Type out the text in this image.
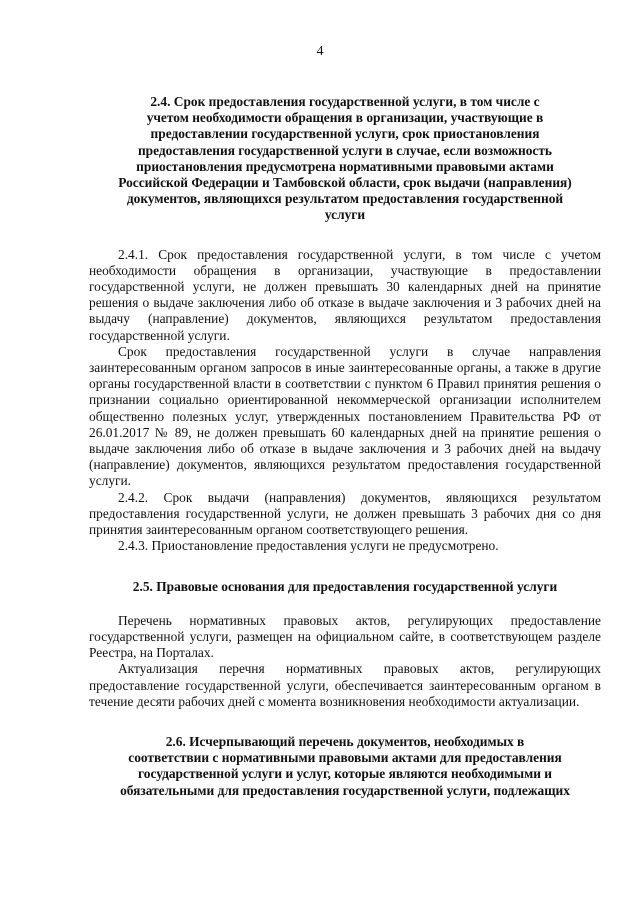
4
2.4. Срок предоставления государственной услуги, в том числе с
учетом необходимости обращения в организации, участвующие в
предоставлении государственной услуги, срок приостановления
предоставления государственной услуги в случае, если возможность
приостановления предусмотрена нормативными правовыми актами
Российской Федерации и Тамбовской области, срок выдачи (направления)
документов, являющихся результатом предоставления государственной
услуги

2.4.1. Срок предоставления государственной услуги, в том числе с учетом необходимости обращения в организации, участвующие в предоставлении государственной услуги, не должен превышать 30 календарных дней на принятие решения о выдаче заключения либо об отказе в выдаче заключения и 3 рабочих дней на выдачу (направление) документов, являющихся результатом предоставления государственной услуги.

Срок предоставления государственной услуги в случае направления заинтересованным органом запросов в иные заинтересованные органы, а также в другие органы государственной власти в соответствии с пунктом 6 Правил принятия решения о признании социально ориентированной некоммерческой организации исполнителем общественно полезных услуг, утвержденных постановлением Правительства РФ от 26.01.2017 № 89, не должен превышать 60 календарных дней на принятие решения о выдаче заключения либо об отказе в выдаче заключения и 3 рабочих дней на выдачу (направление) документов, являющихся результатом предоставления государственной услуги.

2.4.2. Срок выдачи (направления) документов, являющихся результатом предоставления государственной услуги, не должен превышать 3 рабочих дня со дня принятия заинтересованным органом соответствующего решения.

2.4.3. Приостановление предоставления услуги не предусмотрено.

2.5. Правовые основания для предоставления государственной услуги

Перечень нормативных правовых актов, регулирующих предоставление государственной услуги, размещен на официальном сайте, в соответствующем разделе Реестра, на Порталах.

Актуализация перечня нормативных правовых актов, регулирующих предоставление государственной услуги, обеспечивается заинтересованным органом в течение десяти рабочих дней с момента возникновения необходимости актуализации.

2.6. Исчерпывающий перечень документов, необходимых в
соответствии с нормативными правовыми актами для предоставления
государственной услуги и услуг, которые являются необходимыми и
обязательными для предоставления государственной услуги, подлежащих
